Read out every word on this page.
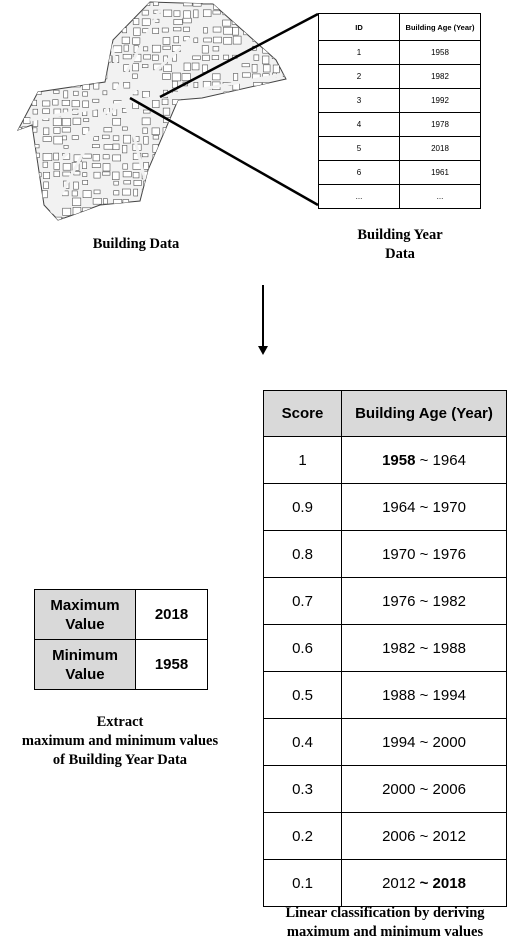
ID	Building Age (Year)
1	1958
2	1982
3	1992
4	1978
5	2018
6	1961
...	...
Building Data
Building Year
Data
Maximum
Value	2018

Minimum
Value	1958
Extract
maximum and minimum values
of Building Year Data
Score	Building Age (Year)
1	1958 ~ 1964
0.9	1964 ~ 1970
0.8	1970 ~ 1976
0.7	1976 ~ 1982
0.6	1982 ~ 1988
0.5	1988 ~ 1994
0.4	1994 ~ 2000
0.3	2000 ~ 2006
0.2	2006 ~ 2012
0.1	2012 ~ 2018
Linear classification by deriving
maximum and minimum values
